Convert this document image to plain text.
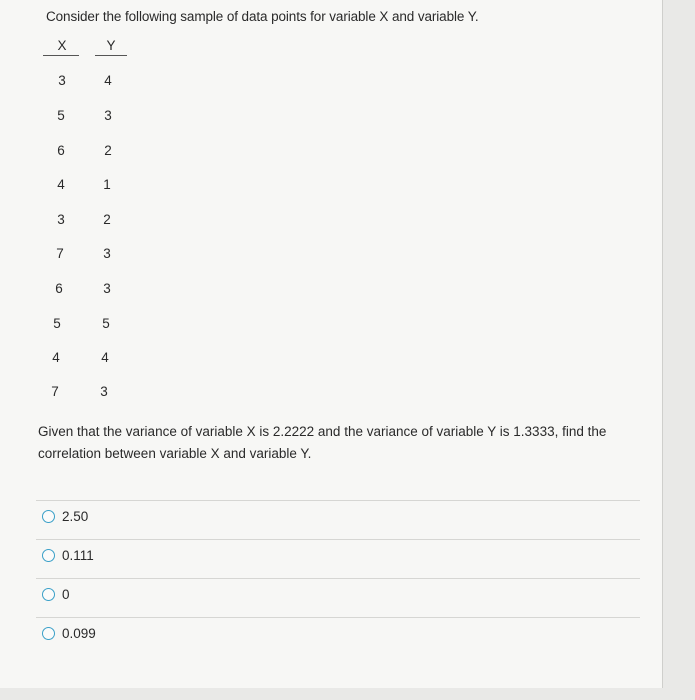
Consider the following sample of data points for variable X and variable Y.
X	Y
3	4
5	3
6	2
4	1
3	2
7	3
6	3
5	5
4	4
7	3
Given that the variance of variable X is 2.2222 and the variance of variable Y is 1.3333, find the correlation between variable X and variable Y.
2.50
0.111
0
0.099
